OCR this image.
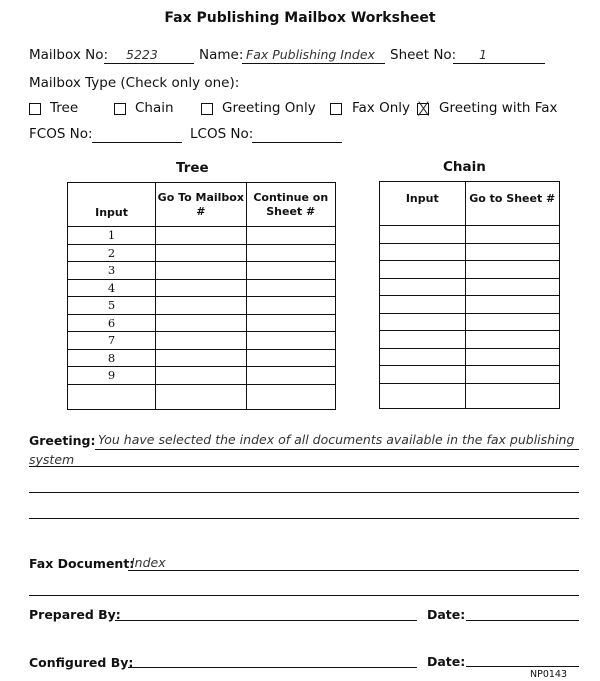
Fax Publishing Mailbox Worksheet
Mailbox No: 5223	Name: Fax Publishing Index Sheet No: 1
Mailbox Type (Check only one):
Tree	Chain	Greeting Only	Fax Only Greeting with Fax
FCOS No:	LCOS No:
Tree
Input	Go To Mailbox #	Continue on Sheet #
1		
2		
3		
4		
5		
6		
7		
8		
9		

Chain
Input	Go to Sheet #

Greeting: You have selected the index of all documents available in the fax publishing
system
Fax Document:
Index
Prepared By:	Date:
Configured By:	Date:
NP0143
